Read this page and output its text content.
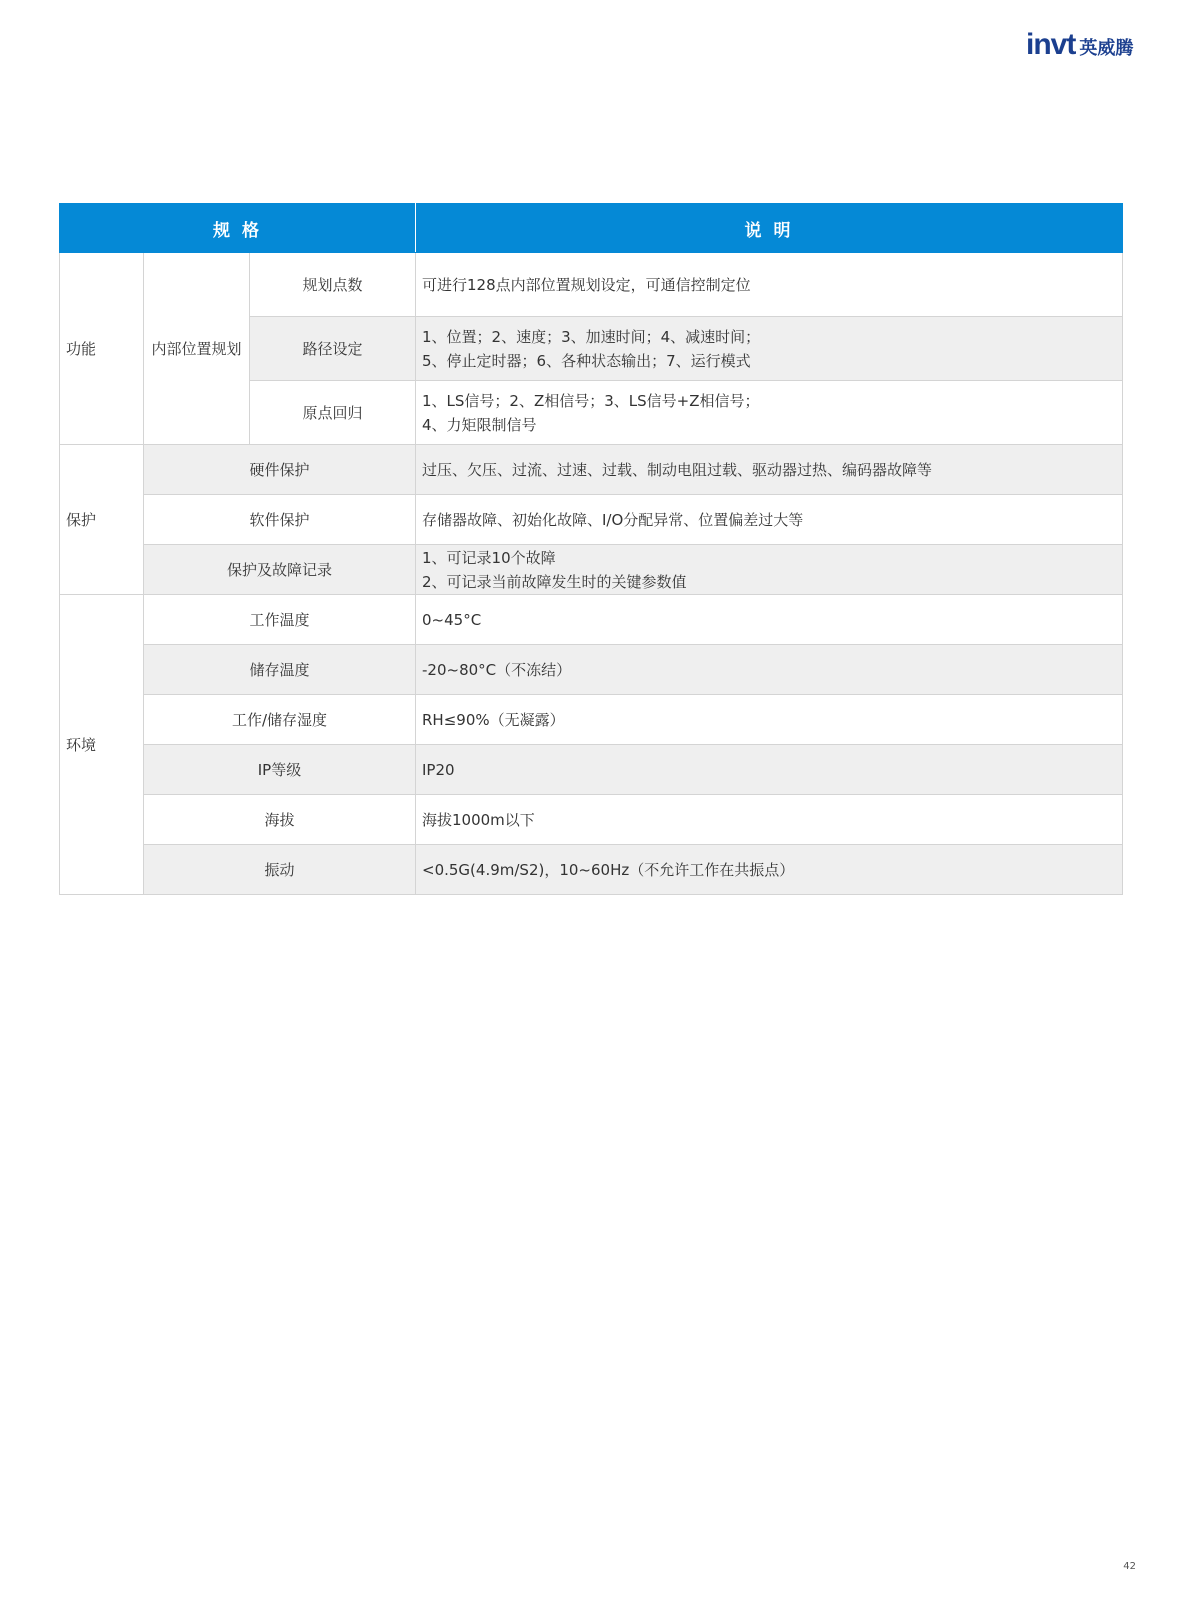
invt 英威腾
规 格			说 明
功能	内部位置规划	规划点数	可进行128点内部位置规划设定，可通信控制定位

		路径设定	1、位置；2、速度；3、加速时间；4、减速时间；
5、停止定时器；6、各种状态输出；7、运行模式

		原点回归	1、LS信号；2、Z相信号；3、LS信号+Z相信号；
4、力矩限制信号

保护	硬件保护		过压、欠压、过流、过速、过载、制动电阻过载、驱动器过热、编码器故障等

	软件保护		存储器故障、初始化故障、I/O分配异常、位置偏差过大等

	保护及故障记录		1、可记录10个故障
2、可记录当前故障发生时的关键参数值

环境	工作温度		0~45°C

	储存温度		-20~80°C（不冻结）

	工作/储存湿度		RH≤90%（无凝露）

	IP等级		IP20

	海拔		海拔1000m以下

	振动		<0.5G(4.9m/S2)，10~60Hz（不允许工作在共振点）
42
